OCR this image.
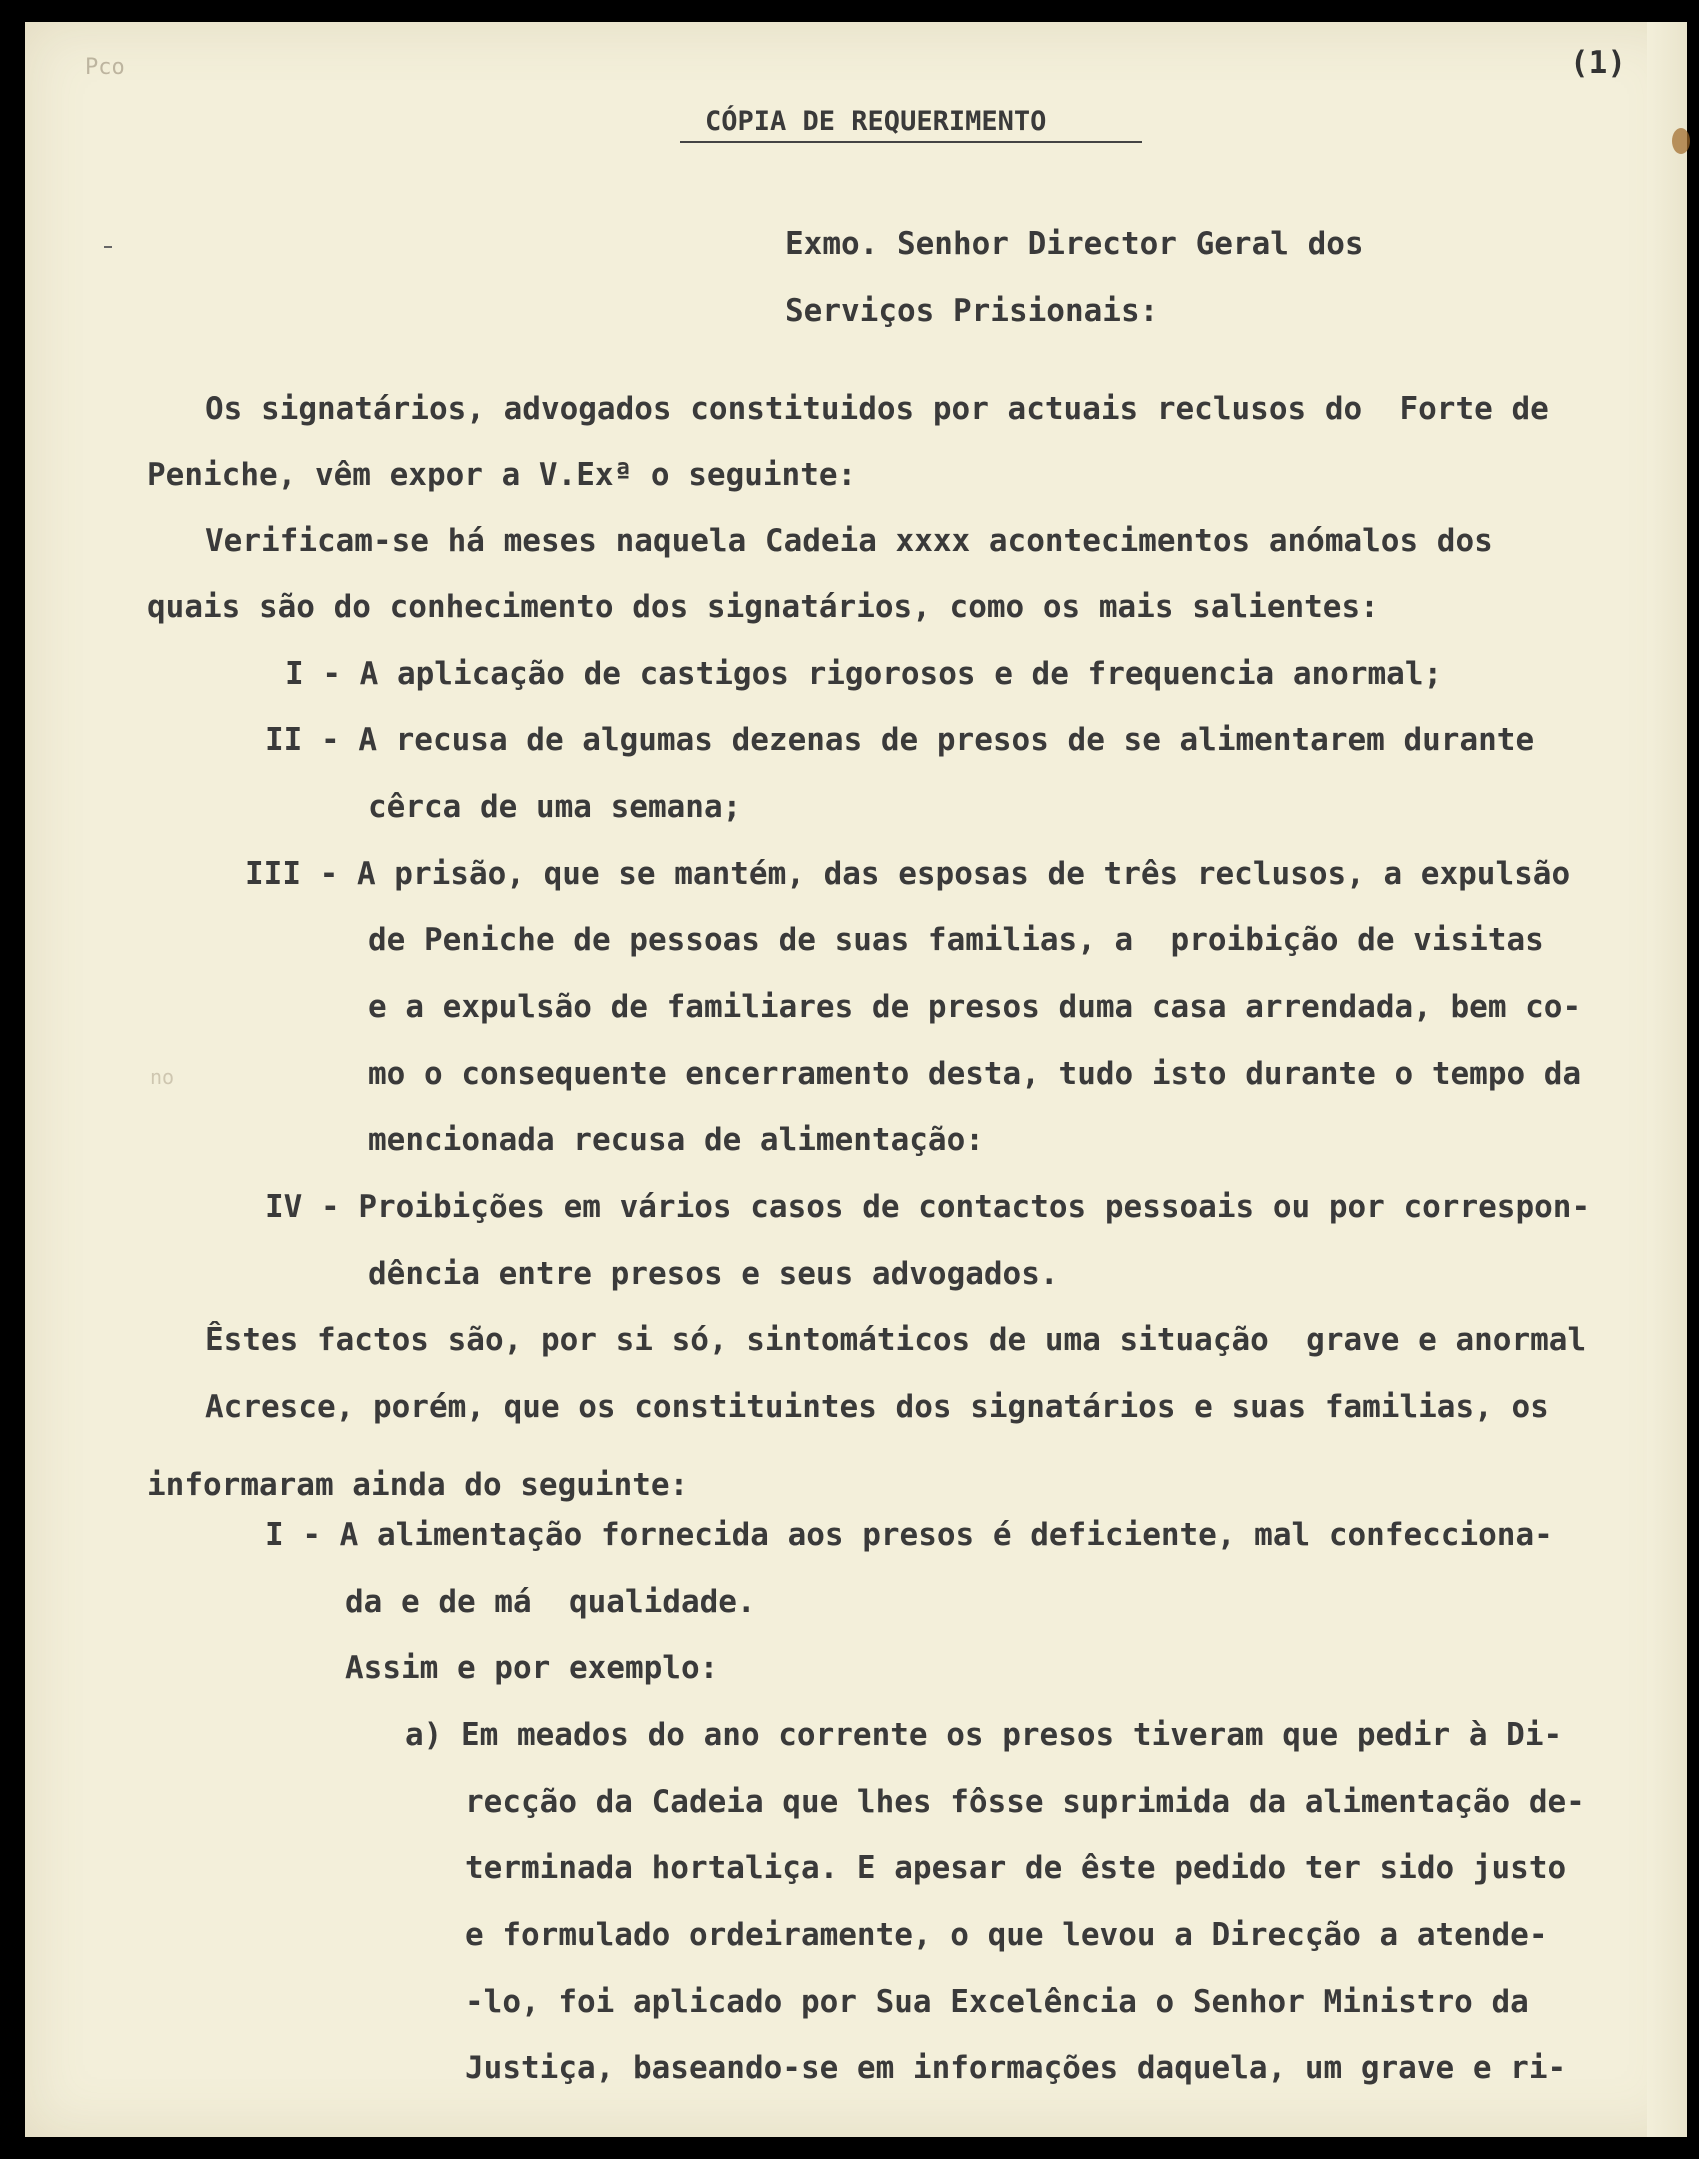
Pco

no

(1)
CÓPIA DE REQUERIMENTO
Exmo. Senhor Director Geral dos
Serviços Prisionais:
Os signatários, advogados constituidos por actuais reclusos do  Forte de
Peniche, vêm expor a V.Exª o seguinte:
Verificam-se há meses naquela Cadeia xxxx acontecimentos anómalos dos
quais são do conhecimento dos signatários, como os mais salientes:
I - A aplicação de castigos rigorosos e de frequencia anormal;
II - A recusa de algumas dezenas de presos de se alimentarem durante
cêrca de uma semana;
III - A prisão, que se mantém, das esposas de três reclusos, a expulsão
de Peniche de pessoas de suas familias, a  proibição de visitas
e a expulsão de familiares de presos duma casa arrendada, bem co-
mo o consequente encerramento desta, tudo isto durante o tempo da
mencionada recusa de alimentação:
IV - Proibições em vários casos de contactos pessoais ou por correspon-
dência entre presos e seus advogados.
Êstes factos são, por si só, sintomáticos de uma situação  grave e anormal
Acresce, porém, que os constituintes dos signatários e suas familias, os
informaram ainda do seguinte:
I - A alimentação fornecida aos presos é deficiente, mal confecciona-
da e de má  qualidade.
Assim e por exemplo:
a) Em meados do ano corrente os presos tiveram que pedir à Di-
recção da Cadeia que lhes fôsse suprimida da alimentação de-
terminada hortaliça. E apesar de êste pedido ter sido justo
e formulado ordeiramente, o que levou a Direcção a atende-
-lo, foi aplicado por Sua Excelência o Senhor Ministro da
Justiça, baseando-se em informações daquela, um grave e ri-
